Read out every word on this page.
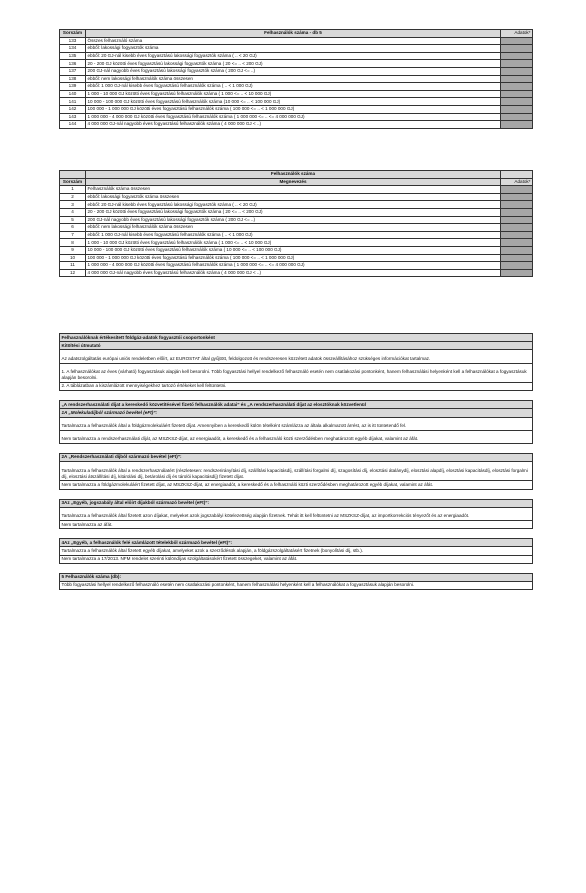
Sorszám	Felhasználók száma - db 5	Adatok*
133	Összes felhasználó száma	
134	ebből: lakossági fogyasztók száma	
135	ebből: 20 GJ-nál kisebb éves fogyasztású lakossági fogyasztók száma ( .. < 20 GJ)	
136	20 - 200 GJ közötti éves fogyasztású lakossági fogyasztók száma ( 20 <= .. < 200 GJ)	
137	200 GJ-nál nagyobb éves fogyasztású lakossági fogyasztók száma ( 200 GJ <= ..)	
138	ebből: nem lakossági felhasználók száma összesen	
139	ebből: 1 000 GJ-nál kisebb éves fogyasztású felhasználók száma ( .. < 1 000 GJ)	
140	1 000 - 10 000 GJ közötti éves fogyasztású felhasználók száma ( 1 000 <= .. < 10 000 GJ)	
141	10 000 - 100 000 GJ közötti éves fogyasztású felhasználók száma (10 000 <= .. < 100 000 GJ)	
142	100 000 - 1 000 000 GJ közötti éves fogyasztású felhasználók száma ( 100 000 <= .. < 1 000 000 GJ)	
143	1 000 000 - 4 000 000 GJ közötti éves fogyasztású felhasználók száma ( 1 000 000 <= .. <= 4 000 000 GJ)	
144	4 000 000 GJ-nál nagyobb éves fogyasztású felhasználók száma ( 4 000 000 GJ < ..)	
	Felhasználók száma	
Sorszám	Megnevezés	Adatok*
1	Felhasználók száma összesen	
2	ebből: lakossági fogyasztók száma összesen	
3	ebből: 20 GJ-nál kisebb éves fogyasztású lakossági fogyasztók száma ( .. < 20 GJ)	
4	20 - 200 GJ közötti éves fogyasztású lakossági fogyasztók száma ( 20 <= .. < 200 GJ)	
5	200 GJ-nál nagyobb éves fogyasztású lakossági fogyasztók száma ( 200 GJ <= ..)	
6	ebből: nem lakossági felhasználók száma összesen	
7	ebből: 1 000 GJ-nál kisebb éves fogyasztású felhasználók száma ( .. < 1 000 GJ)	
8	1 000 - 10 000 GJ közötti éves fogyasztású felhasználók száma ( 1 000 <= .. < 10 000 GJ)	
9	10 000 - 100 000 GJ közötti éves fogyasztású felhasználók száma ( 10 000 <= .. < 100 000 GJ)	
10	100 000 - 1 000 000 GJ közötti éves fogyasztású felhasználók száma ( 100 000 <= .. < 1 000 000 GJ)	
11	1 000 000 - 4 000 000 GJ közötti éves fogyasztású felhasználók száma ( 1 000 000 <= .. <= 4 000 000 GJ)	
12	4 000 000 GJ-nál nagyobb éves fogyasztású felhasználók száma ( 4 000 000 GJ < ..)	
Felhasználóknak értékesített földgáz-adatok fogyasztói csoportonként
Kitöltési útmutató
Az adatszolgáltatás európai uniós rendeletben előírt, az EUROSTAT által gyűjtött, feldolgozott és rendszeresen közzétett adatok összeállításához szükséges információkat tartalmaz.
1. A felhasználókat az éves (várható) fogyasztásuk alapján kell besorolni. Több fogyasztási hellyel rendelkező felhasználó esetén nem csatlakozási pontonként, hanem felhasználási helyenként kell a felhasználókat a fogyasztásuk alapján besorolni.
2. A táblázatban a kiszámlázott mennyiségekhez tartozó értékeket kell feltüntetni.
„A rendszerhasználati díjat a kereskedő közvetítésével fizető felhasználók adatai” és „A rendszerhasználati díjat az elosztóknak közvetlenül
1A „Molekuladíjból származó bevétel (eFt)”:
Tartalmazza a felhasználók által a földgázmolekuláért fizetett díjat. Amennyiben a kereskedő külön tételként számlázza az általa alkalmazott árrést, az is itt tüntetendő fel.
Nem tartalmazza a rendszerhasználati díját, az MSZKSZ-díjat, az energiaadót, a kereskedő és a felhasználó közti szerződésben meghatározott egyéb díjakat, valamint az áfát.
2A „Rendszerhasználati díjból származó bevétel (eFt)”:
Tartalmazza a felhasználók által a rendszerhasználatért (részletesen: rendszerirányítási díj, szállítási kapacitásdíj, szállítási forgalmi díj, szagosítási díj, elosztási átalánydíj, elosztási alapdíj, elosztási kapacitásdíj, elosztási forgalmi díj, elosztási átszállítási díj, kitárolási díj, betárolási díj és tárolói kapacitásdíj) fizetett díjat.
Nem tartalmazza a földgázmolekuláért fizetett díjat, az MSZKSZ-díjat, az energiaadót, a kereskedő és a felhasználó közti szerződésben meghatározott egyéb díjakat, valamint az áfát.
3Az „Egyéb, jogszabály által előírt díjakból származó bevétel (eFt)”:
Tartalmazza a felhasználók által fizetett azon díjakat, melyeket azok jogszabályi kötelezettség alapján fizetnek. Tehát itt kell feltüntetni az MSZKSZ-díjat, az importkorrekciós tényezőt és az energiaadót.
Nem tartalmazza az áfát.
4Az „Egyéb, a felhasználók felé számlázott tételekből származó bevétel (eFt)”:
Tartalmazza a felhasználók által fizetett egyéb díjakat, amelyeket azok a szerződésük alapján, a földgázszolgáltatásért fizetnek (bonyolítási díj, stb.).
Nem tartalmazza a 17/2013. NFM rendelet szerinti különdíjas szolgáltatásokért fizetett összegeket, valamint az áfát.
5 Felhasználók száma (db):
Több fogyasztási hellyel rendelkező felhasználó esetén nem csatlakozási pontonként, hanem felhasználási helyenként kell a felhasználókat a fogyasztásuk alapján besorolni.
